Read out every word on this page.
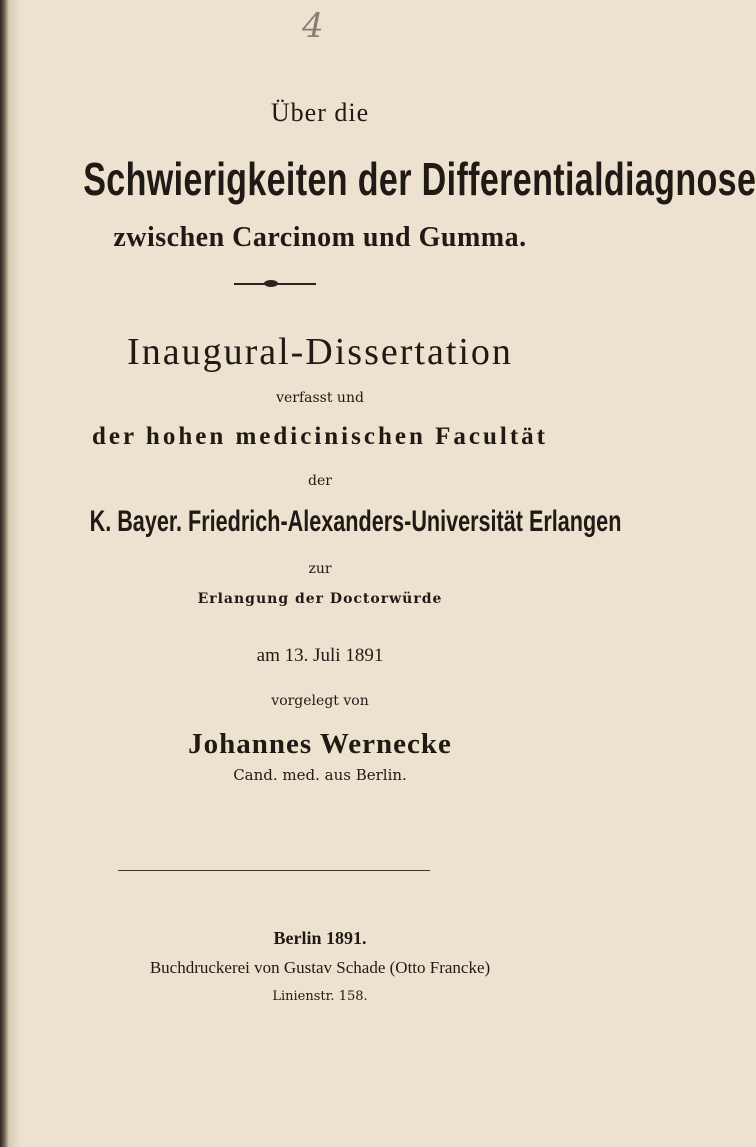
4
Über die
Schwierigkeiten der Differentialdiagnose
zwischen Carcinom und Gumma.
Inaugural-Dissertation
verfasst und
der hohen medicinischen Facultät
der
K. Bayer. Friedrich-Alexanders-Universität Erlangen
zur
Erlangung der Doctorwürde
am 13. Juli 1891
vorgelegt von
Johannes Wernecke
Cand. med. aus Berlin.
Berlin 1891.
Buchdruckerei von Gustav Schade (Otto Francke)
Linienstr. 158.
